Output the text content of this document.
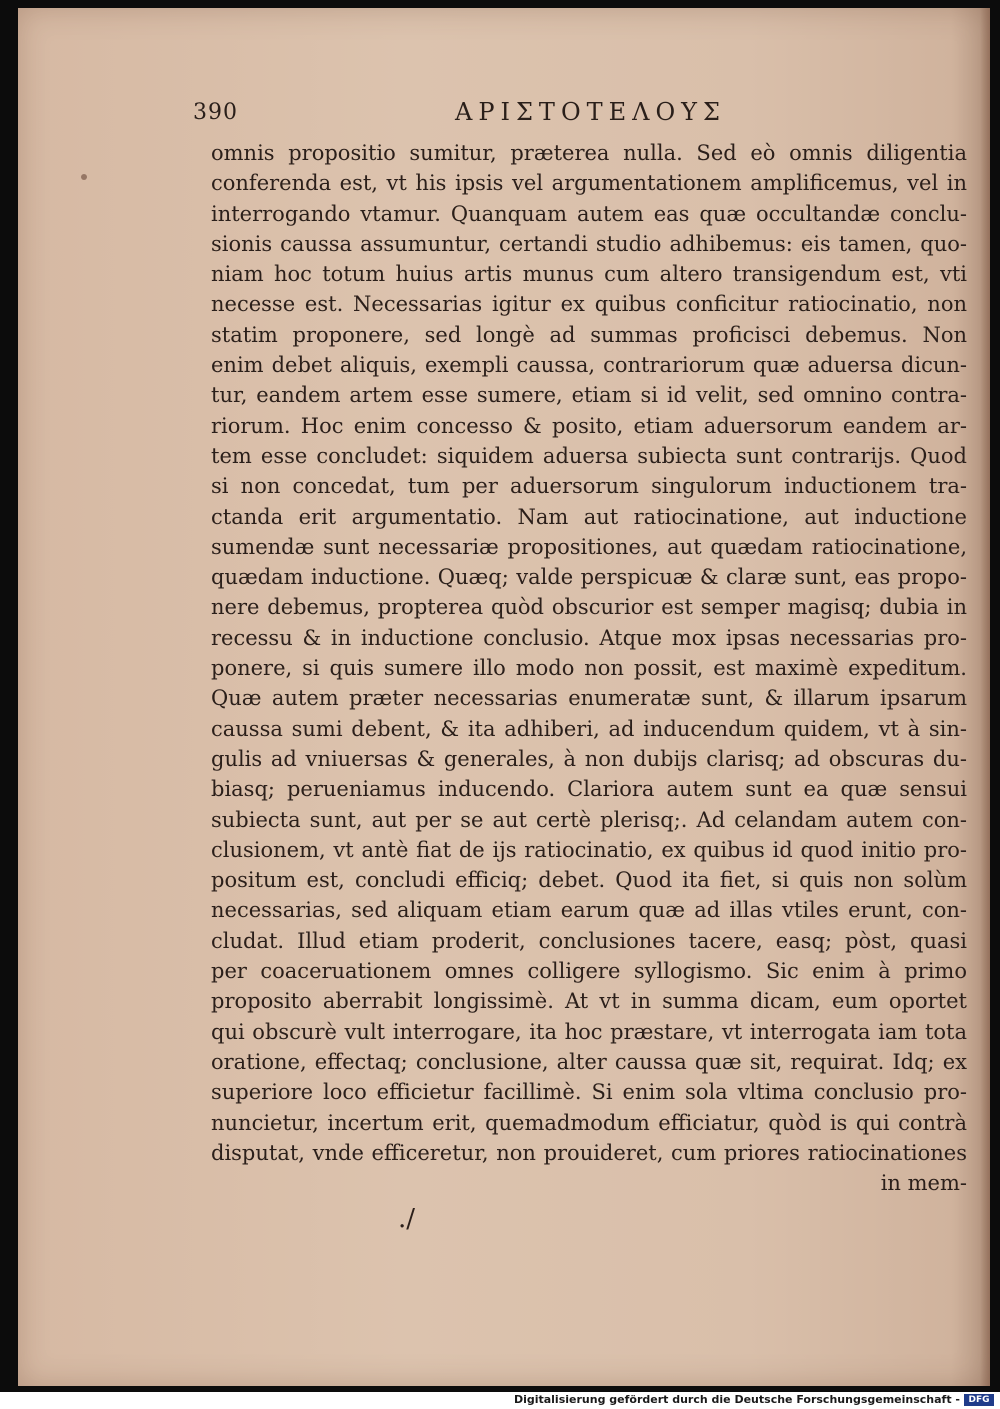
390	ΑΡΙΣΤΟΤΕΛΟΥΣ
omnis propositio sumitur, præterea nulla. Sed eò omnis diligentia
conferenda est, vt his ipsis vel argumentationem amplificemus, vel in
interrogando vtamur. Quanquam autem eas quæ occultandæ conclu-
sionis caussa assumuntur, certandi studio adhibemus: eis tamen, quo-
niam hoc totum huius artis munus cum altero transigendum est, vti
necesse est. Necessarias igitur ex quibus conficitur ratiocinatio, non
statim proponere, sed longè ad summas proficisci debemus. Non
enim debet aliquis, exempli caussa, contrariorum quæ aduersa dicun-
tur, eandem artem esse sumere, etiam si id velit, sed omnino contra-
riorum. Hoc enim concesso & posito, etiam aduersorum eandem ar-
tem esse concludet: siquidem aduersa subiecta sunt contrarijs. Quod
si non concedat, tum per aduersorum singulorum inductionem tra-
ctanda erit argumentatio. Nam aut ratiocinatione, aut inductione
sumendæ sunt necessariæ propositiones, aut quædam ratiocinatione,
quædam inductione. Quæq; valde perspicuæ & claræ sunt, eas propo-
nere debemus, propterea quòd obscurior est semper magisq; dubia in
recessu & in inductione conclusio. Atque mox ipsas necessarias pro-
ponere, si quis sumere illo modo non possit, est maximè expeditum.
Quæ autem præter necessarias enumeratæ sunt, & illarum ipsarum
caussa sumi debent, & ita adhiberi, ad inducendum quidem, vt à sin-
gulis ad vniuersas & generales, à non dubijs clarisq; ad obscuras du-
biasq; perueniamus inducendo. Clariora autem sunt ea quæ sensui
subiecta sunt, aut per se aut certè plerisq;. Ad celandam autem con-
clusionem, vt antè fiat de ijs ratiocinatio, ex quibus id quod initio pro-
positum est, concludi efficiq; debet. Quod ita fiet, si quis non solùm
necessarias, sed aliquam etiam earum quæ ad illas vtiles erunt, con-
cludat. Illud etiam proderit, conclusiones tacere, easq; pòst, quasi
per coaceruationem omnes colligere syllogismo. Sic enim à primo
proposito aberrabit longissimè. At vt in summa dicam, eum oportet
qui obscurè vult interrogare, ita hoc præstare, vt interrogata iam tota
oratione, effectaq; conclusione, alter caussa quæ sit, requirat. Idq; ex
superiore loco efficietur facillimè. Si enim sola vltima conclusio pro-
nuncietur, incertum erit, quemadmodum efficiatur, quòd is qui contrà
disputat, vnde efficeretur, non prouideret, cum priores ratiocinationes
in mem-
./
Digitalisierung gefördert durch die Deutsche Forschungsgemeinschaft - DFG
